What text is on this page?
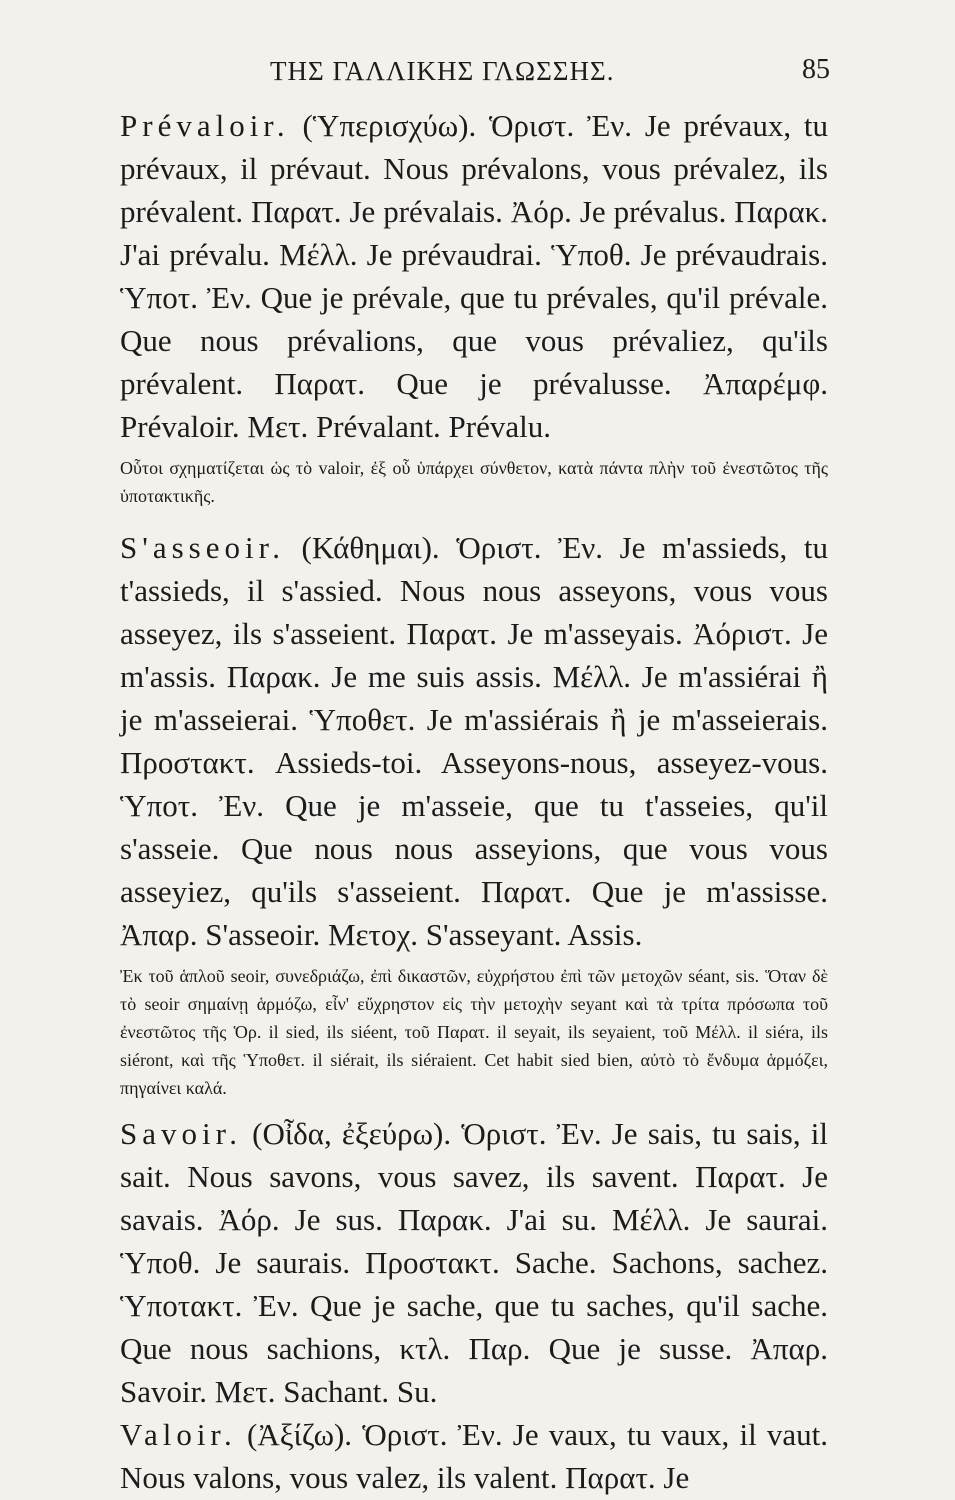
ΤΗΣ ΓΑΛΛΙΚΗΣ ΓΛΩΣΣΗΣ.	85

Prévaloir. (Ὑπερισχύω). Ὁριστ. Ἐν. Je prévaux, tu prévaux, il prévaut. Nous prévalons, vous prévalez, ils prévalent. Παρατ. Je prévalais. Ἀόρ. Je prévalus. Παρακ. J'ai prévalu. Μέλλ. Je prévaudrai. Ὑποθ. Je prévaudrais. Ὑποτ. Ἐν. Que je prévale, que tu prévales, qu'il prévale. Que nous prévalions, que vous prévaliez, qu'ils prévalent. Παρατ. Que je prévalusse. Ἀπαρέμφ. Prévaloir. Μετ. Prévalant. Prévalu.

Οὗτοι σχηματίζεται ὡς τὸ valoir, ἐξ οὗ ὑπάρχει σύνθετον, κατὰ πάντα πλὴν τοῦ ἐνεστῶτος τῆς ὑποτακτικῆς.

S'asseoir. (Κάθημαι). Ὁριστ. Ἐν. Je m'assieds, tu t'assieds, il s'assied. Nous nous asseyons, vous vous asseyez, ils s'asseient. Παρατ. Je m'asseyais. Ἀόριστ. Je m'assis. Παρακ. Je me suis assis. Μέλλ. Je m'assiérai ἢ je m'asseierai. Ὑποθετ. Je m'assiérais ἢ je m'asseierais. Προστακτ. Assieds-toi. Asseyons-nous, asseyez-vous. Ὑποτ. Ἐν. Que je m'asseie, que tu t'asseies, qu'il s'asseie. Que nous nous asseyions, que vous vous asseyiez, qu'ils s'asseient. Παρατ. Que je m'assisse. Ἀπαρ. S'asseoir. Μετοχ. S'asseyant. Assis.

Ἐκ τοῦ ἁπλοῦ seoir, συνεδριάζω, ἐπὶ δικαστῶν, εὐχρήστου ἐπὶ τῶν μετοχῶν séant, sis. Ὅταν δὲ τὸ seoir σημαίνῃ ἁρμόζω, εἶν' εὔχρηστον εἰς τὴν μετοχὴν seyant καὶ τὰ τρίτα πρόσωπα τοῦ ἐνεστῶτος τῆς Ὁρ. il sied, ils siéent, τοῦ Παρατ. il seyait, ils seyaient, τοῦ Μέλλ. il siéra, ils siéront, καὶ τῆς Ὑποθετ. il siérait, ils siéraient. Cet habit sied bien, αὐτὸ τὸ ἔνδυμα ἁρμόζει, πηγαίνει καλά.

Savoir. (Οἶδα, ἐξεύρω). Ὁριστ. Ἐν. Je sais, tu sais, il sait. Nous savons, vous savez, ils savent. Παρατ. Je savais. Ἀόρ. Je sus. Παρακ. J'ai su. Μέλλ. Je saurai. Ὑποθ. Je saurais. Προστακτ. Sache. Sachons, sachez. Ὑποτακτ. Ἐν. Que je sache, que tu saches, qu'il sache. Que nous sachions, κτλ. Παρ. Que je susse. Ἀπαρ. Savoir. Μετ. Sachant. Su.

Valoir. (Ἀξίζω). Ὁριστ. Ἐν. Je vaux, tu vaux, il vaut. Nous valons, vous valez, ils valent. Παρατ. Je
